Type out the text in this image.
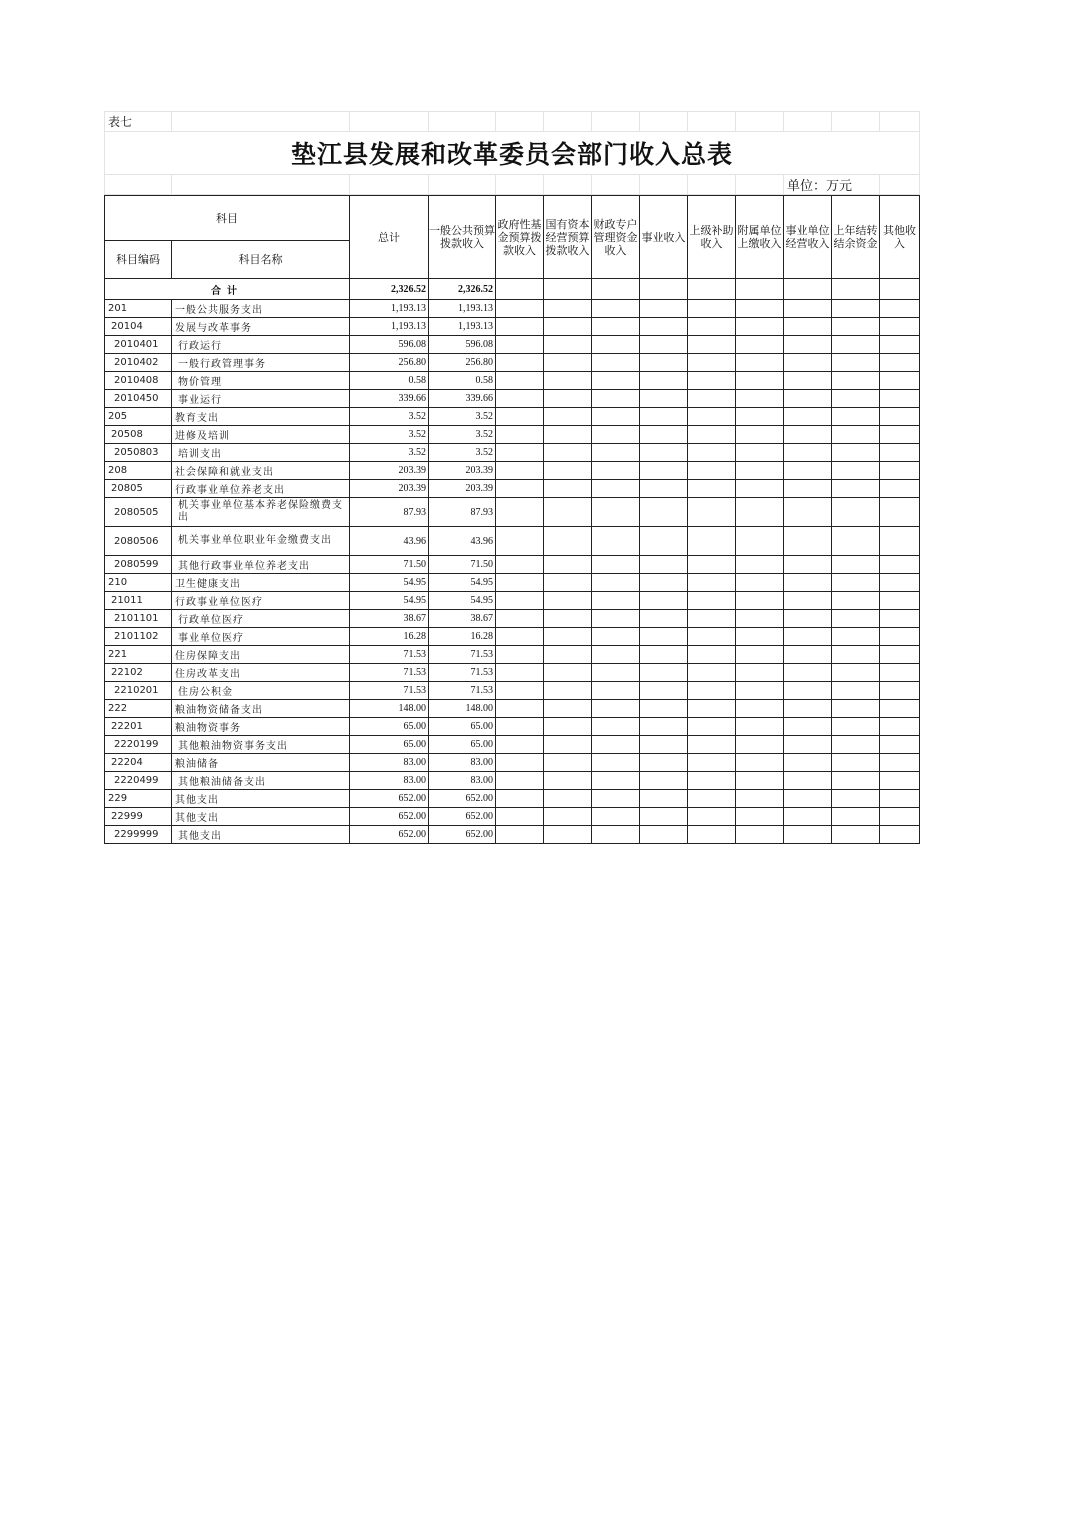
表七												
垫江县发展和改革委员会部门收入总表												
										单位：万元		
科目		总计	一般公共预算拨款收入	政府性基金预算拨款收入	国有资本经营预算拨款收入	财政专户管理资金收入	事业收入	上级补助收入	附属单位上缴收入	事业单位经营收入	上年结转结余资金	其他收入
科目编码	科目名称											
合计		2,326.52	2,326.52									
201	一般公共服务支出	1,193.13	1,193.13									
20104	发展与改革事务	1,193.13	1,193.13									
2010401	行政运行	596.08	596.08									
2010402	一般行政管理事务	256.80	256.80									
2010408	物价管理	0.58	0.58									
2010450	事业运行	339.66	339.66									
205	教育支出	3.52	3.52									
20508	进修及培训	3.52	3.52									
2050803	培训支出	3.52	3.52									
208	社会保障和就业支出	203.39	203.39									
20805	行政事业单位养老支出	203.39	203.39									
2080505	机关事业单位基本养老保险缴费支出	87.93	87.93									
2080506	机关事业单位职业年金缴费支出	43.96	43.96									
2080599	其他行政事业单位养老支出	71.50	71.50									
210	卫生健康支出	54.95	54.95									
21011	行政事业单位医疗	54.95	54.95									
2101101	行政单位医疗	38.67	38.67									
2101102	事业单位医疗	16.28	16.28									
221	住房保障支出	71.53	71.53									
22102	住房改革支出	71.53	71.53									
2210201	住房公积金	71.53	71.53									
222	粮油物资储备支出	148.00	148.00									
22201	粮油物资事务	65.00	65.00									
2220199	其他粮油物资事务支出	65.00	65.00									
22204	粮油储备	83.00	83.00									
2220499	其他粮油储备支出	83.00	83.00									
229	其他支出	652.00	652.00									
22999	其他支出	652.00	652.00									
2299999	其他支出	652.00	652.00									
